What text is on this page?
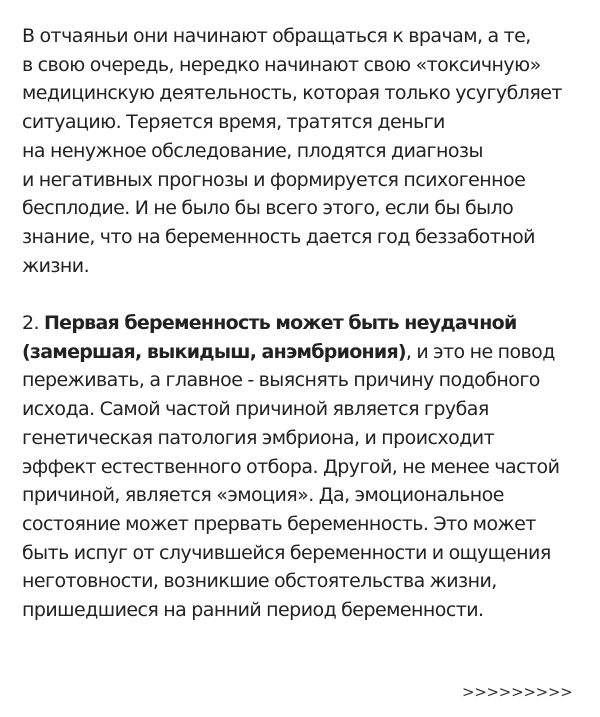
В отчаяньи они начинают обращаться к врачам, а те,
в свою очередь, нередко начинают свою «токсичную»
медицинскую деятельность, которая только усугубляет
ситуацию. Теряется время, тратятся деньги
на ненужное обследование, плодятся диагнозы
и негативных прогнозы и формируется психогенное
бесплодие. И не было бы всего этого, если бы было
знание, что на беременность дается год беззаботной
жизни.
2. Первая беременность может быть неудачной
(замершая, выкидыш, анэмбриония), и это не повод
переживать, а главное - выяснять причину подобного
исхода. Самой частой причиной является грубая
генетическая патология эмбриона, и происходит
эффект естественного отбора. Другой, не менее частой
причиной, является «эмоция». Да, эмоциональное
состояние может прервать беременность. Это может
быть испуг от случившейся беременности и ощущения
неготовности, возникшие обстоятельства жизни,
пришедшиеся на ранний период беременности.
>>>>>>>>>
